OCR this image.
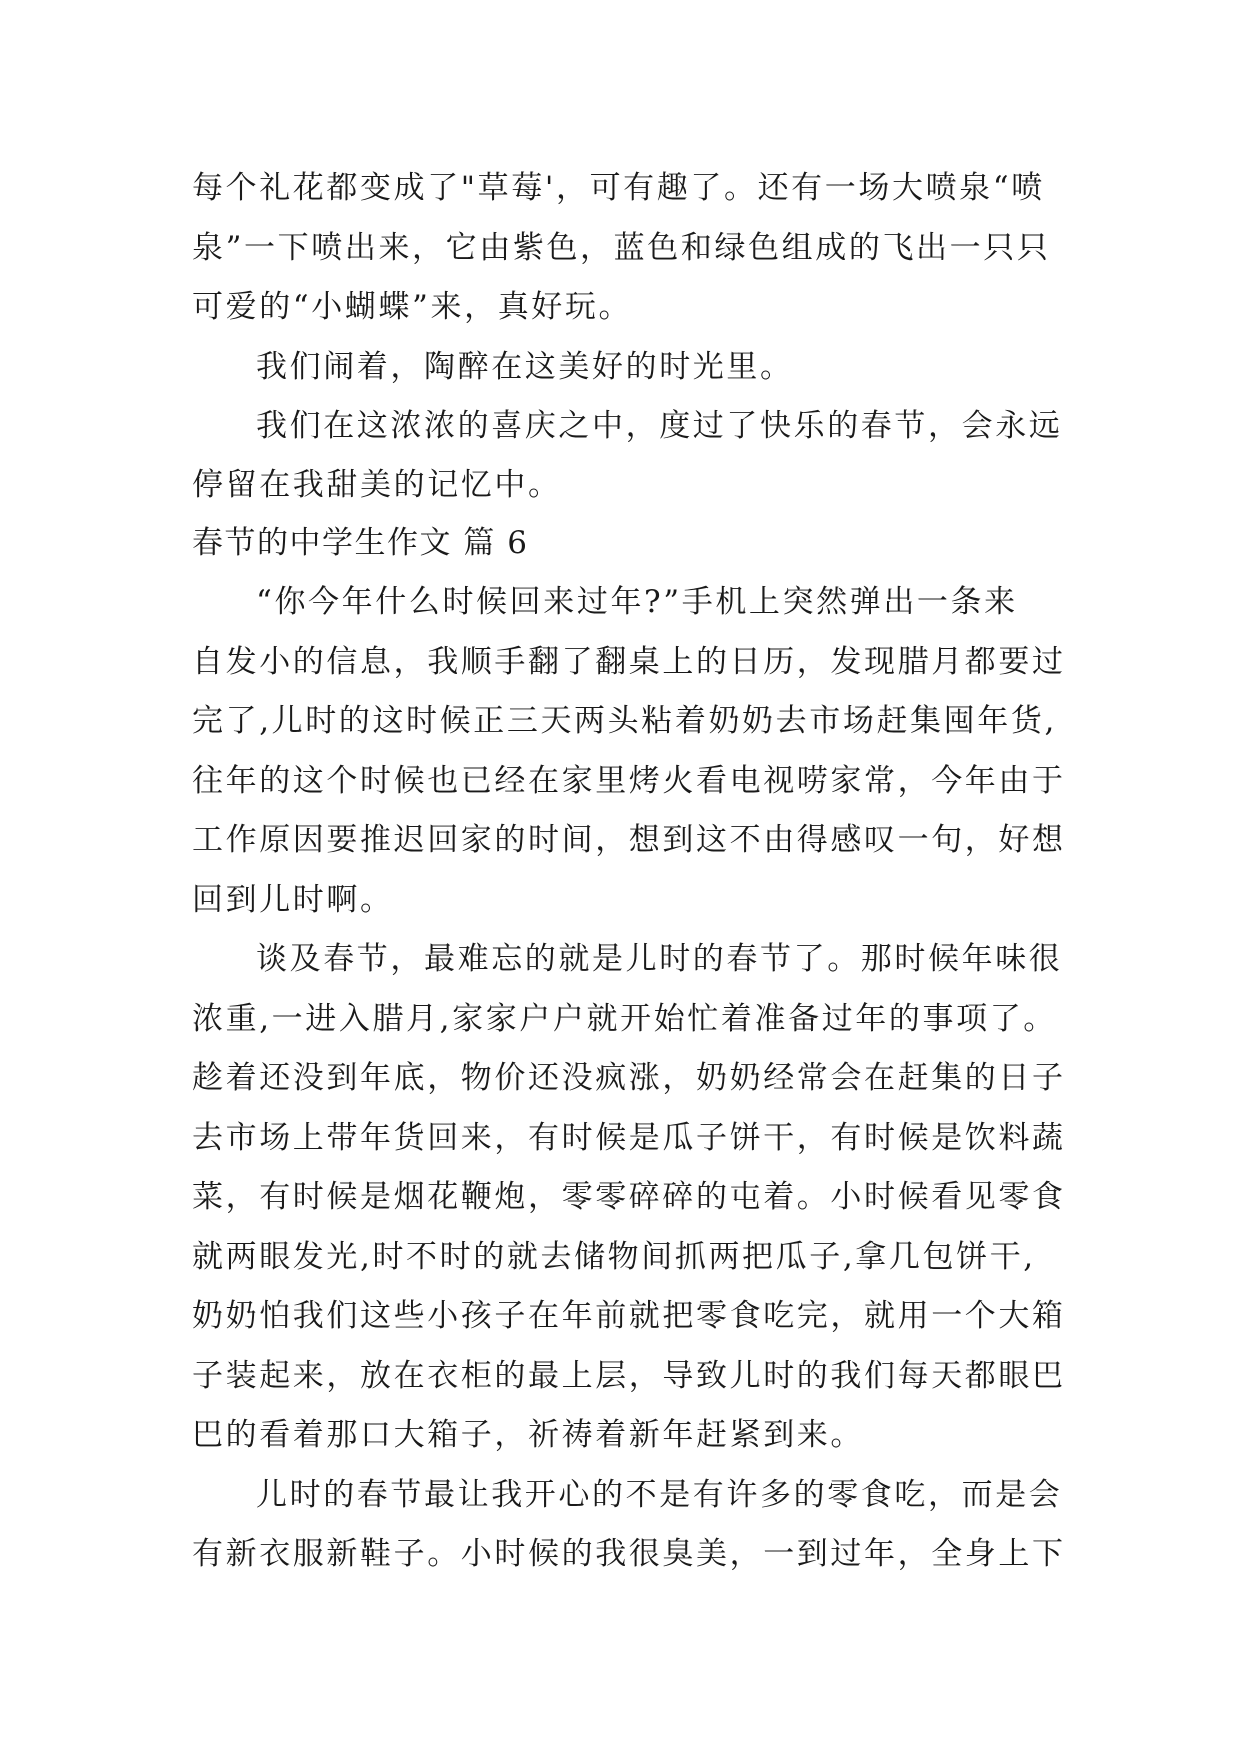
每个礼花都变成了"草莓'，可有趣了。还有一场大喷泉“喷
泉”一下喷出来，它由紫色，蓝色和绿色组成的飞出一只只
可爱的“小蝴蝶”来，真好玩。
我们闹着，陶醉在这美好的时光里。
我们在这浓浓的喜庆之中，度过了快乐的春节，会永远
停留在我甜美的记忆中。
春节的中学生作文 篇 6
“你今年什么时候回来过年?”手机上突然弹出一条来
自发小的信息，我顺手翻了翻桌上的日历，发现腊月都要过
完了,儿时的这时候正三天两头粘着奶奶去市场赶集囤年货,
往年的这个时候也已经在家里烤火看电视唠家常，今年由于
工作原因要推迟回家的时间，想到这不由得感叹一句，好想
回到儿时啊。
谈及春节，最难忘的就是儿时的春节了。那时候年味很
浓重,一进入腊月,家家户户就开始忙着准备过年的事项了。
趁着还没到年底，物价还没疯涨，奶奶经常会在赶集的日子
去市场上带年货回来，有时候是瓜子饼干，有时候是饮料蔬
菜，有时候是烟花鞭炮，零零碎碎的屯着。小时候看见零食
就两眼发光,时不时的就去储物间抓两把瓜子,拿几包饼干,
奶奶怕我们这些小孩子在年前就把零食吃完，就用一个大箱
子装起来，放在衣柜的最上层，导致儿时的我们每天都眼巴
巴的看着那口大箱子，祈祷着新年赶紧到来。
儿时的春节最让我开心的不是有许多的零食吃，而是会
有新衣服新鞋子。小时候的我很臭美，一到过年，全身上下
